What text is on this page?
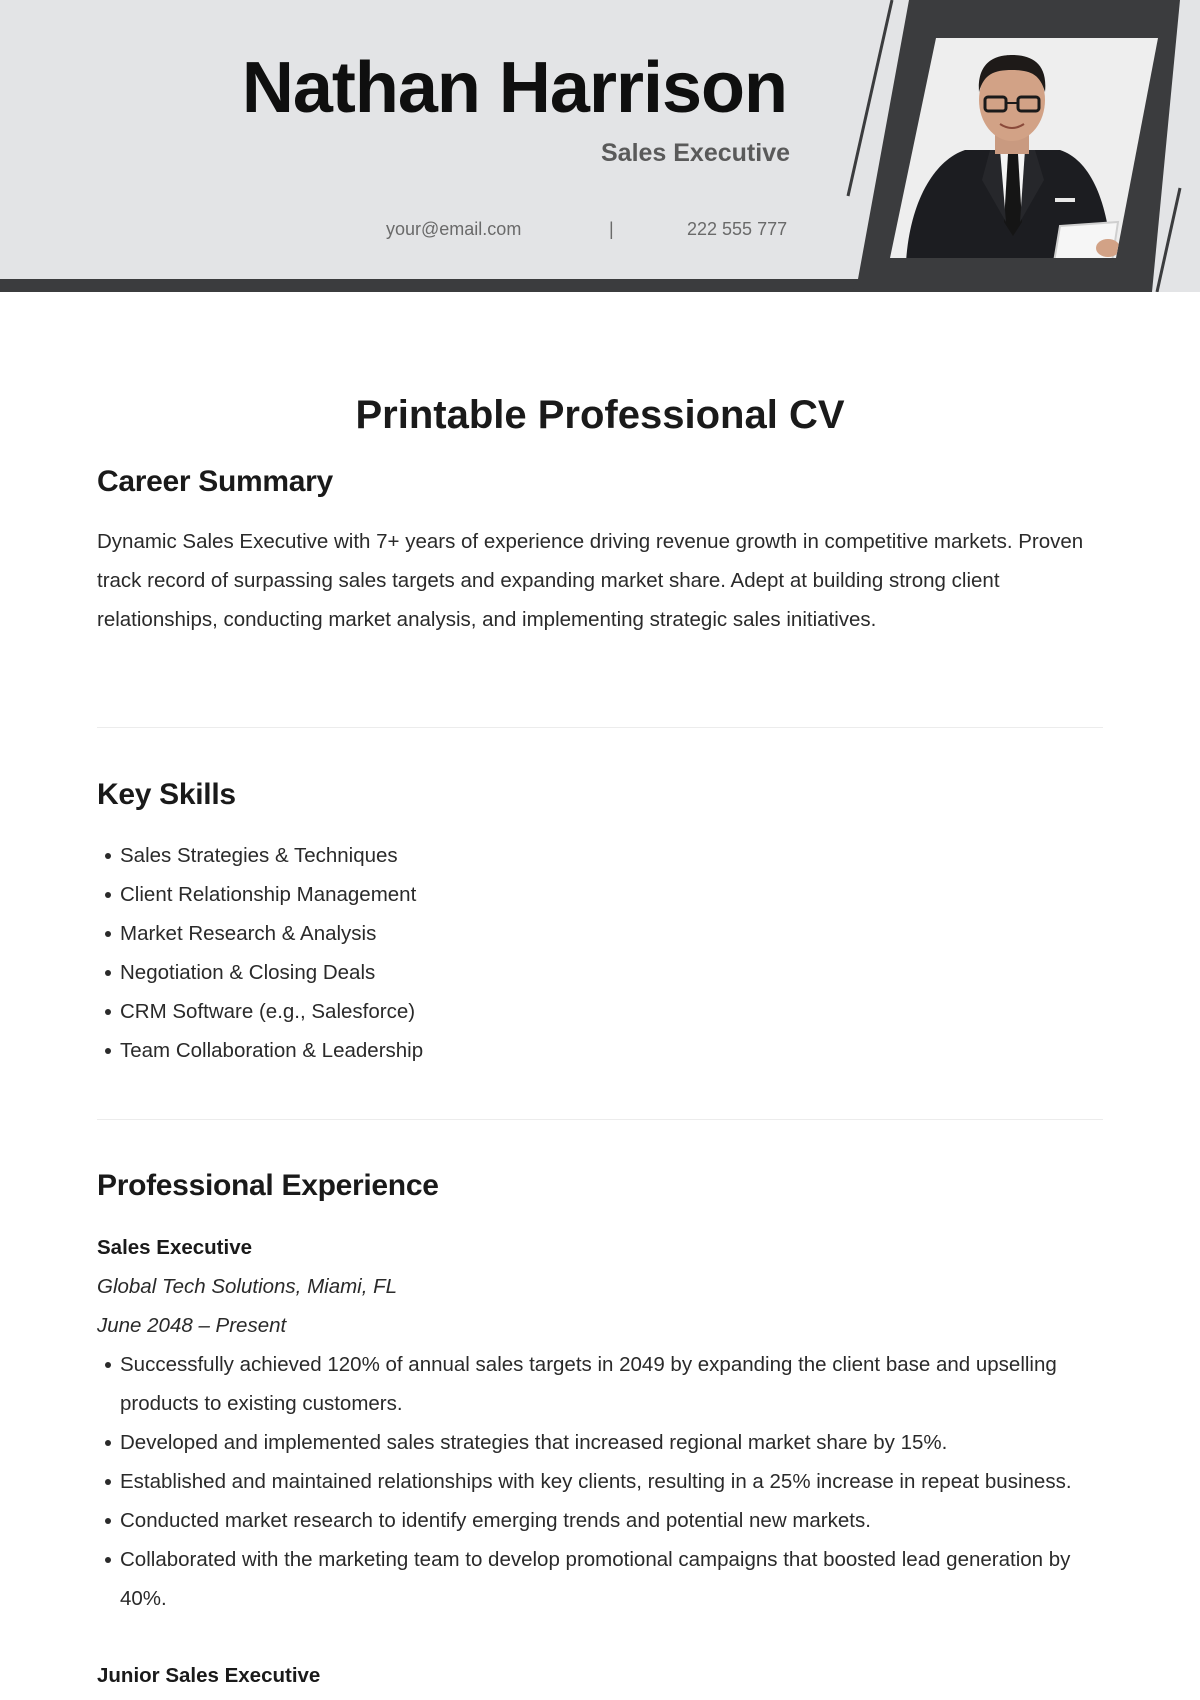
Nathan Harrison
Sales Executive
your@email.com	|	222 555 777
Printable Professional CV
Career Summary

Dynamic Sales Executive with 7+ years of experience driving revenue growth in competitive markets. Proven track record of surpassing sales targets and expanding market share. Adept at building strong client relationships, conducting market analysis, and implementing strategic sales initiatives.

Key Skills
Sales Strategies & Techniques
Client Relationship Management
Market Research & Analysis
Negotiation & Closing Deals
CRM Software (e.g., Salesforce)
Team Collaboration & Leadership
Professional Experience
Sales Executive
Global Tech Solutions, Miami, FL
June 2048 – Present
Successfully achieved 120% of annual sales targets in 2049 by expanding the client base and upselling products to existing customers.
Developed and implemented sales strategies that increased regional market share by 15%.
Established and maintained relationships with key clients, resulting in a 25% increase in repeat business.
Conducted market research to identify emerging trends and potential new markets.
Collaborated with the marketing team to develop promotional campaigns that boosted lead generation by 40%.
Junior Sales Executive
